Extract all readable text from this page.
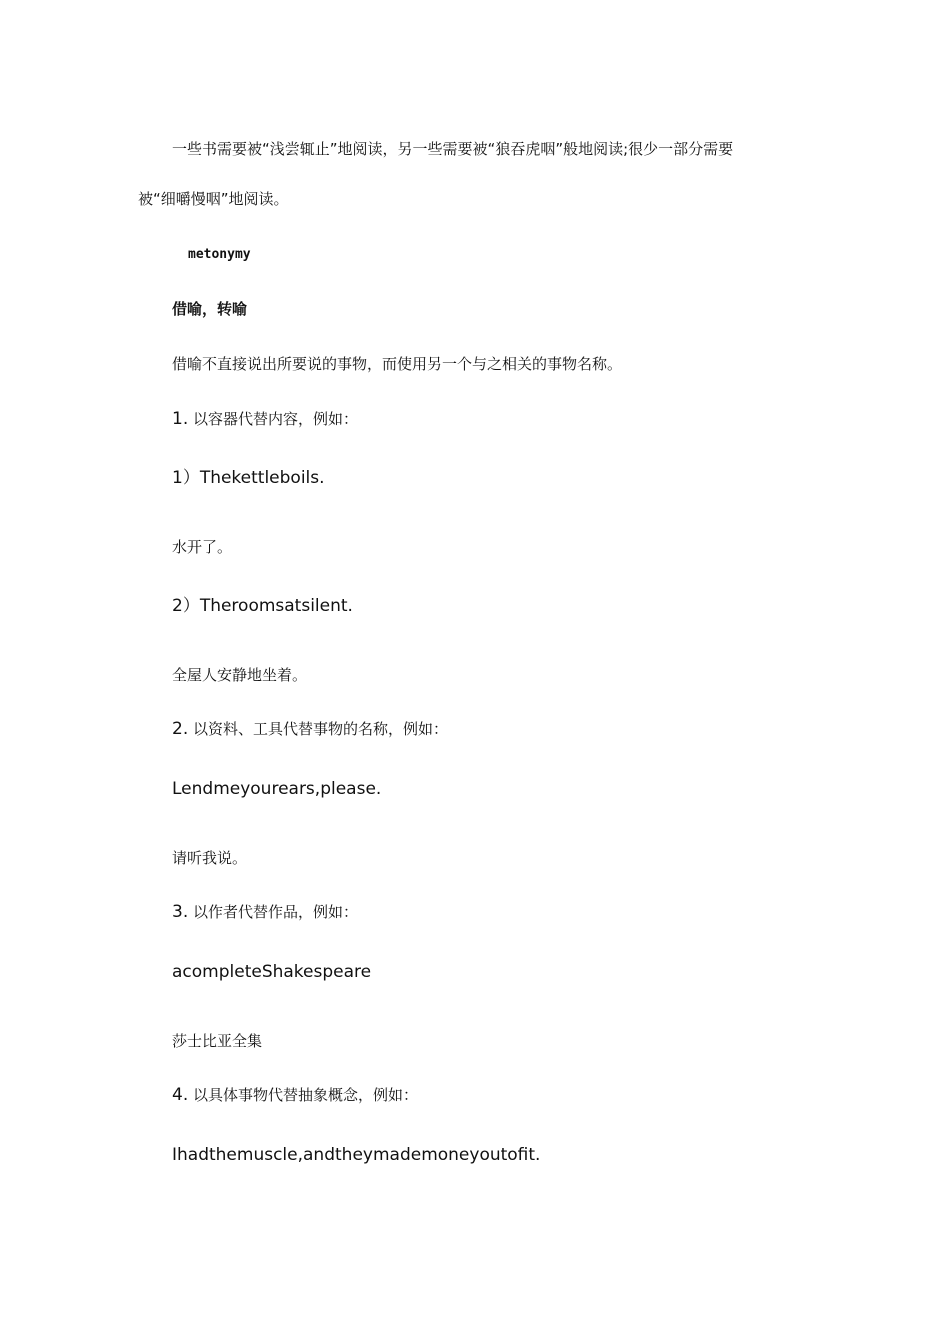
一些书需要被“浅尝辄止”地阅读，另一些需要被“狼吞虎咽”般地阅读;很少一部分需要

被“细嚼慢咽”地阅读。

metonymy

借喻，转喻

借喻不直接说出所要说的事物，而使用另一个与之相关的事物名称。

1. 以容器代替内容，例如：

1）Thekettleboils.

水开了。

2）Theroomsatsilent.

全屋人安静地坐着。

2. 以资料、工具代替事物的名称，例如：

Lendmeyourears,please.

请听我说。

3. 以作者代替作品，例如：

acompleteShakespeare

莎士比亚全集

4. 以具体事物代替抽象概念，例如：

Ihadthemuscle,andtheymademoneyoutofit.
